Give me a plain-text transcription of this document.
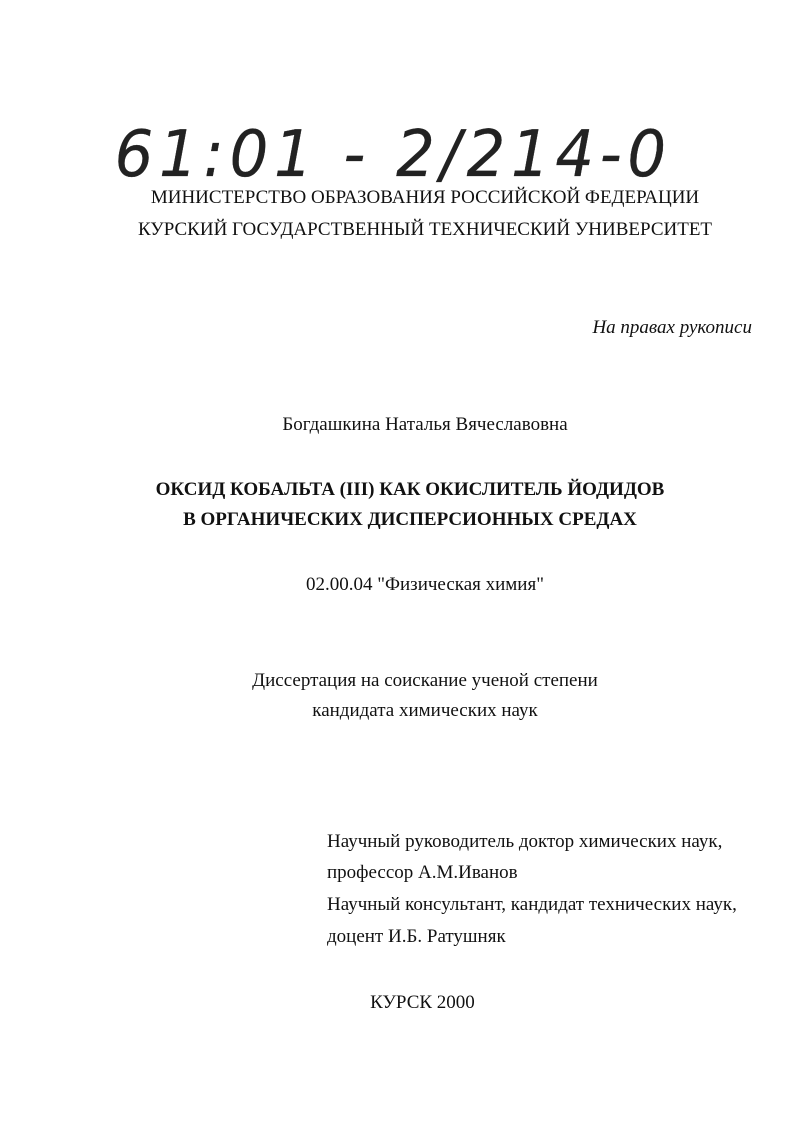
61:01 - 2/214-0
МИНИСТЕРСТВО ОБРАЗОВАНИЯ РОССИЙСКОЙ ФЕДЕРАЦИИ
КУРСКИЙ ГОСУДАРСТВЕННЫЙ ТЕХНИЧЕСКИЙ УНИВЕРСИТЕТ
На правах рукописи
Богдашкина Наталья Вячеславовна
ОКСИД КОБАЛЬТА (III) КАК ОКИСЛИТЕЛЬ ЙОДИДОВ
В ОРГАНИЧЕСКИХ ДИСПЕРСИОННЫХ СРЕДАХ
02.00.04 "Физическая химия"
Диссертация на соискание ученой степени
кандидата химических наук
Научный руководитель доктор химических наук,
профессор А.М.Иванов
Научный консультант, кандидат технических наук,
доцент И.Б. Ратушняк
КУРСК 2000
